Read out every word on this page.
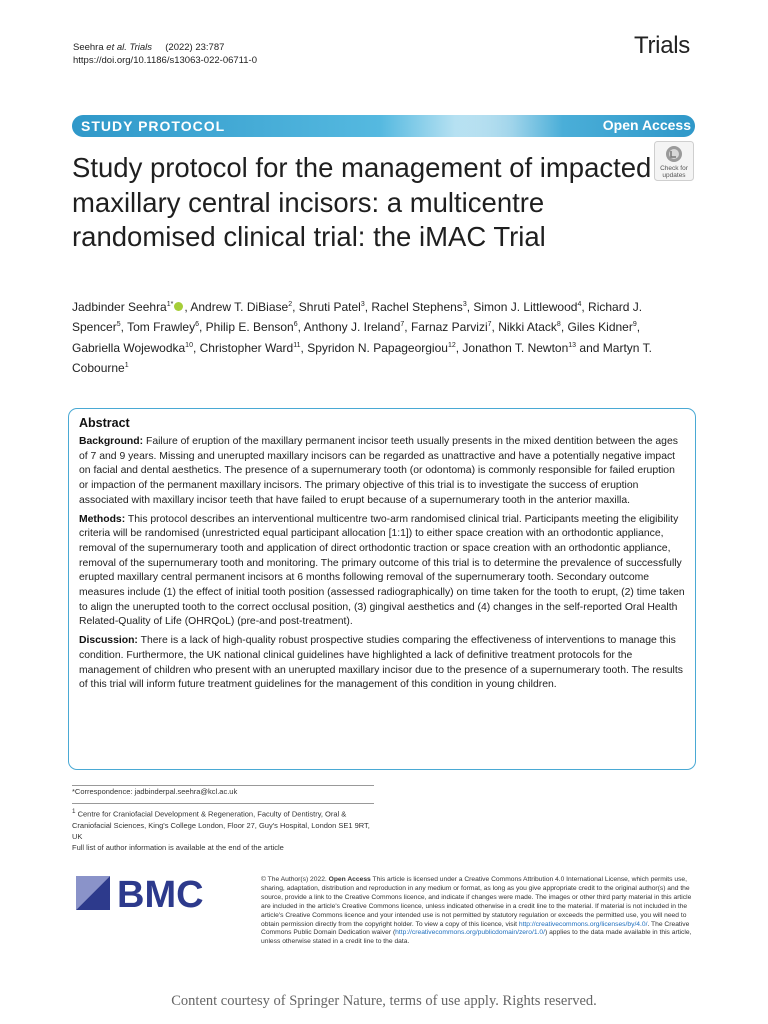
Seehra et al. Trials (2022) 23:787
https://doi.org/10.1186/s13063-022-06711-0
Trials
STUDY PROTOCOL	Open Access
Study protocol for the management of impacted maxillary central incisors: a multicentre randomised clinical trial: the iMAC Trial
Check for
updates
Jadbinder Seehra$^{1*}$ , Andrew T. DiBiase$^2$, Shruti Patel$^3$, Rachel Stephens$^3$, Simon J. Littlewood$^4$, Richard J. Spencer$^5$, Tom Frawley$^6$, Philip E. Benson$^6$, Anthony J. Ireland$^7$, Farnaz Parvizi$^7$, Nikki Atack$^8$, Giles Kidner$^9$, Gabriella Wojewodka$^{10}$, Christopher Ward$^{11}$, Spyridon N. Papageorgiou$^{12}$, Jonathon T. Newton$^{13}$ and Martyn T. Cobourne$^1$
Abstract

Background: Failure of eruption of the maxillary permanent incisor teeth usually presents in the mixed dentition between the ages of 7 and 9 years. Missing and unerupted maxillary incisors can be regarded as unattractive and have a potentially negative impact on facial and dental aesthetics. The presence of a supernumerary tooth (or odontoma) is commonly responsible for failed eruption or impaction of the permanent maxillary incisors. The primary objective of this trial is to investigate the success of eruption associated with maxillary incisor teeth that have failed to erupt because of a supernumerary tooth in the anterior maxilla.

Methods: This protocol describes an interventional multicentre two-arm randomised clinical trial. Participants meeting the eligibility criteria will be randomised (unrestricted equal participant allocation [1:1]) to either space creation with an orthodontic appliance, removal of the supernumerary tooth and application of direct orthodontic traction or space creation with an orthodontic appliance, removal of the supernumerary tooth and monitoring. The primary outcome of this trial is to determine the prevalence of successfully erupted maxillary central permanent incisors at 6 months following removal of the supernumerary tooth. Secondary outcome measures include (1) the effect of initial tooth position (assessed radiographically) on time taken for the tooth to erupt, (2) time taken to align the unerupted tooth to the correct occlusal position, (3) gingival aesthetics and (4) changes in the self-reported Oral Health Related-Quality of Life (OHRQoL) (pre-and post-treatment).

Discussion: There is a lack of high-quality robust prospective studies comparing the effectiveness of interventions to manage this condition. Furthermore, the UK national clinical guidelines have highlighted a lack of definitive treatment protocols for the management of children who present with an unerupted maxillary incisor due to the presence of a supernumerary tooth. The results of this trial will inform future treatment guidelines for the management of this condition in young children.

*Correspondence: jadbinderpal.seehra@kcl.ac.uk
$^1$ Centre for Craniofacial Development & Regeneration, Faculty of Dentistry, Oral & Craniofacial Sciences, King's College London, Floor 27, Guy's Hospital, London SE1 9RT, UK
Full list of author information is available at the end of the article
BMC	© The Author(s) 2022. Open Access This article is licensed under a Creative Commons Attribution 4.0 International License, which permits use, sharing, adaptation, distribution and reproduction in any medium or format, as long as you give appropriate credit to the original author(s) and the source, provide a link to the Creative Commons licence, and indicate if changes were made. The images or other third party material in this article are included in the article's Creative Commons licence, unless indicated otherwise in a credit line to the material. If material is not included in the article's Creative Commons licence and your intended use is not permitted by statutory regulation or exceeds the permitted use, you will need to obtain permission directly from the copyright holder. To view a copy of this licence, visit http://creativecommons.org/licenses/by/4.0/. The Creative Commons Public Domain Dedication waiver (http://creativecommons.org/publicdomain/zero/1.0/) applies to the data made available in this article, unless otherwise stated in a credit line to the data.
Content courtesy of Springer Nature, terms of use apply. Rights reserved.
